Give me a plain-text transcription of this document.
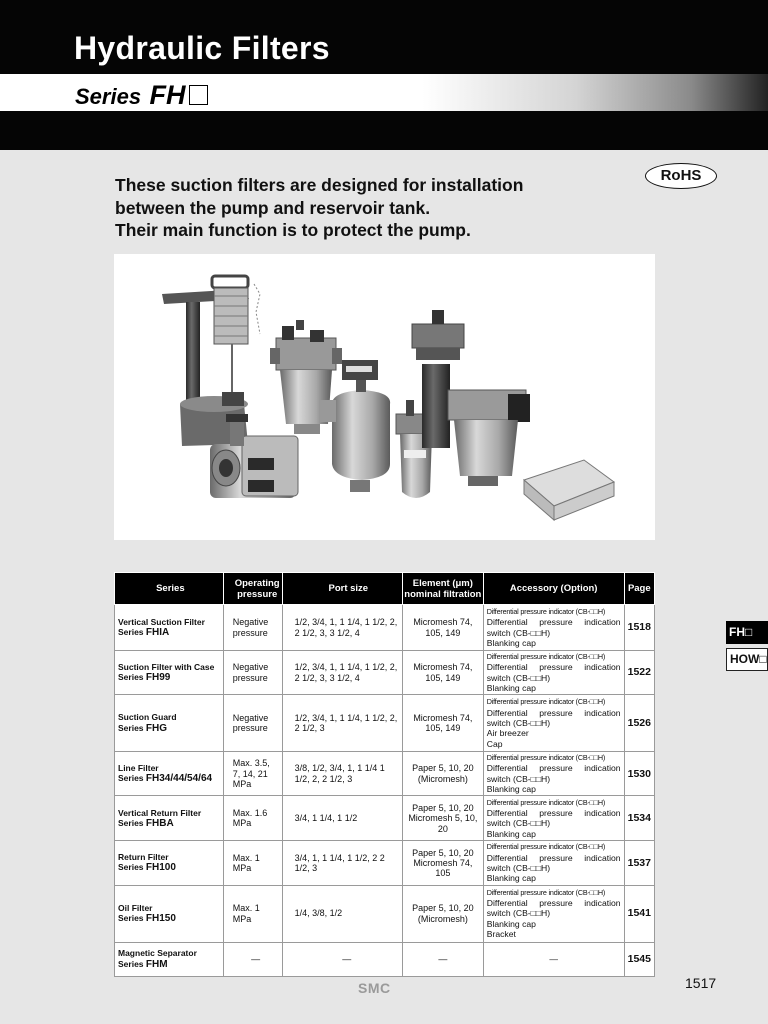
Hydraulic Filters
Series FH
These suction filters are designed for installation
between the pump and reservoir tank.
Their main function is to protect the pump.
RoHS
Series	Operating pressure	Port size	Element (μm) nominal filtration	Accessory (Option)	Page
Vertical Suction Filter
Series FHIA	Negative pressure	1/2, 3/4, 1, 1 1/4, 1 1/2, 2, 2 1/2, 3, 3 1/2, 4	Micromesh 74, 105, 149	Differential pressure indicator (CB-□□H)
Differential pressure indication
switch (CB-□□H)
Blanking cap	1518
Suction Filter with Case
Series FH99	Negative pressure	1/2, 3/4, 1, 1 1/4, 1 1/2, 2, 2 1/2, 3, 3 1/2, 4	Micromesh 74, 105, 149	Differential pressure indicator (CB-□□H)
Differential pressure indication
switch (CB-□□H)
Blanking cap	1522
Suction Guard
Series FHG	Negative pressure	1/2, 3/4, 1, 1 1/4, 1 1/2, 2, 2 1/2, 3	Micromesh 74, 105, 149	Differential pressure indicator (CB-□□H)
Differential pressure indication
switch (CB-□□H)
Air breezer
Cap	1526
Line Filter
Series FH34/44/54/64	Max. 3.5, 7, 14, 21 MPa	3/8, 1/2, 3/4, 1, 1 1/4 1 1/2, 2, 2 1/2, 3	Paper 5, 10, 20 (Micromesh)	Differential pressure indicator (CB-□□H)
Differential pressure indication
switch (CB-□□H)
Blanking cap	1530
Vertical Return Filter
Series FHBA	Max. 1.6 MPa	3/4, 1 1/4, 1 1/2	Paper 5, 10, 20 Micromesh 5, 10, 20	Differential pressure indicator (CB-□□H)
Differential pressure indication
switch (CB-□□H)
Blanking cap	1534
Return Filter
Series FH100	Max. 1 MPa	3/4, 1, 1 1/4, 1 1/2, 2 2 1/2, 3	Paper 5, 10, 20 Micromesh 74, 105	Differential pressure indicator (CB-□□H)
Differential pressure indication
switch (CB-□□H)
Blanking cap	1537
Oil Filter
Series FH150	Max. 1 MPa	1/4, 3/8, 1/2	Paper 5, 10, 20 (Micromesh)	Differential pressure indicator (CB-□□H)
Differential pressure indication
switch (CB-□□H)
Blanking cap
Bracket	1541
Magnetic Separator
Series FHM	—	—	—	—	1545
FH□
HOW□
SMC	1517
